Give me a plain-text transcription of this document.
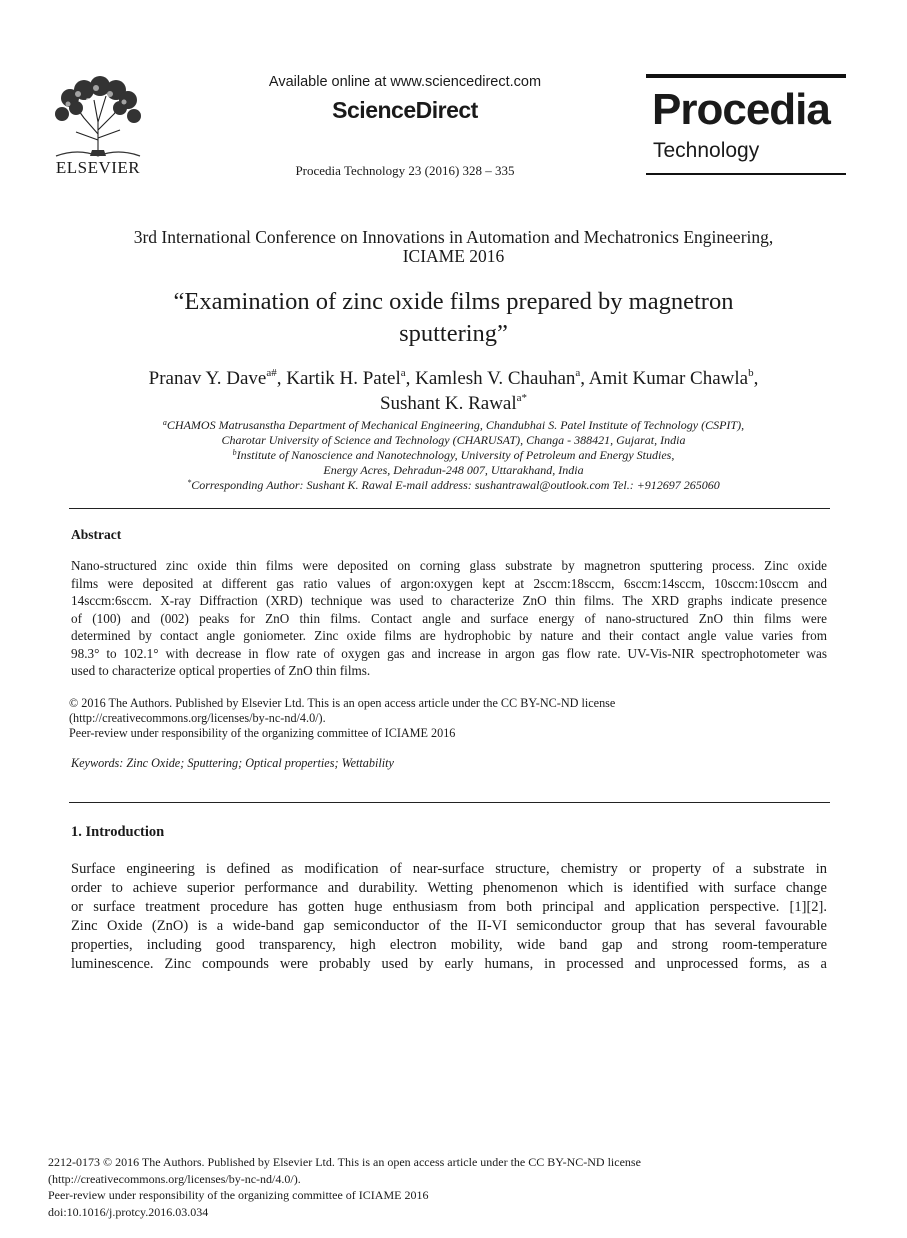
ELSEVIER
Available online at www.sciencedirect.com
ScienceDirect
Procedia Technology 23 (2016) 328 – 335
Procedia
Technology
3rd International Conference on Innovations in Automation and Mechatronics Engineering,
ICIAME 2016
“Examination of zinc oxide films prepared by magnetron
sputtering”
Pranav Y. Dave$^{a\#}$, Kartik H. Patel$^a$, Kamlesh V. Chauhan$^a$, Amit Kumar Chawla$^b$,
Sushant K. Rawal$^{a*}$
$^a$CHAMOS Matrusanstha Department of Mechanical Engineering, Chandubhai S. Patel Institute of Technology (CSPIT),
Charotar University of Science and Technology (CHARUSAT), Changa - 388421, Gujarat, India
$^b$Institute of Nanoscience and Nanotechnology, University of Petroleum and Energy Studies,
Energy Acres, Dehradun-248 007, Uttarakhand, India
*Corresponding Author: Sushant K. Rawal E-mail address: sushantrawal@outlook.com Tel.: +912697 265060
Abstract
Nano-structured zinc oxide thin films were deposited on corning glass substrate by magnetron sputtering process. Zinc oxide
films were deposited at different gas ratio values of argon:oxygen kept at 2sccm:18sccm, 6sccm:14sccm, 10sccm:10sccm and
14sccm:6sccm. X-ray Diffraction (XRD) technique was used to characterize ZnO thin films. The XRD graphs indicate presence
of (100) and (002) peaks for ZnO thin films. Contact angle and surface energy of nano-structured ZnO thin films were
determined by contact angle goniometer. Zinc oxide films are hydrophobic by nature and their contact angle value varies from
98.3° to 102.1° with decrease in flow rate of oxygen gas and increase in argon gas flow rate. UV-Vis-NIR spectrophotometer was
used to characterize optical properties of ZnO thin films.
© 2016 The Authors. Published by Elsevier Ltd. This is an open access article under the CC BY-NC-ND license
(http://creativecommons.org/licenses/by-nc-nd/4.0/).
Peer-review under responsibility of the organizing committee of ICIAME 2016
Keywords: Zinc Oxide; Sputtering; Optical properties; Wettability
1. Introduction
Surface engineering is defined as modification of near-surface structure, chemistry or property of a substrate in
order to achieve superior performance and durability. Wetting phenomenon which is identified with surface change
or surface treatment procedure has gotten huge enthusiasm from both principal and application perspective. [1][2].
Zinc Oxide (ZnO) is a wide-band gap semiconductor of the II-VI semiconductor group that has several favourable
properties, including good transparency, high electron mobility, wide band gap and strong room-temperature
luminescence. Zinc compounds were probably used by early humans, in processed and unprocessed forms, as a
2212-0173 © 2016 The Authors. Published by Elsevier Ltd. This is an open access article under the CC BY-NC-ND license
(http://creativecommons.org/licenses/by-nc-nd/4.0/).
Peer-review under responsibility of the organizing committee of ICIAME 2016
doi:10.1016/j.protcy.2016.03.034
